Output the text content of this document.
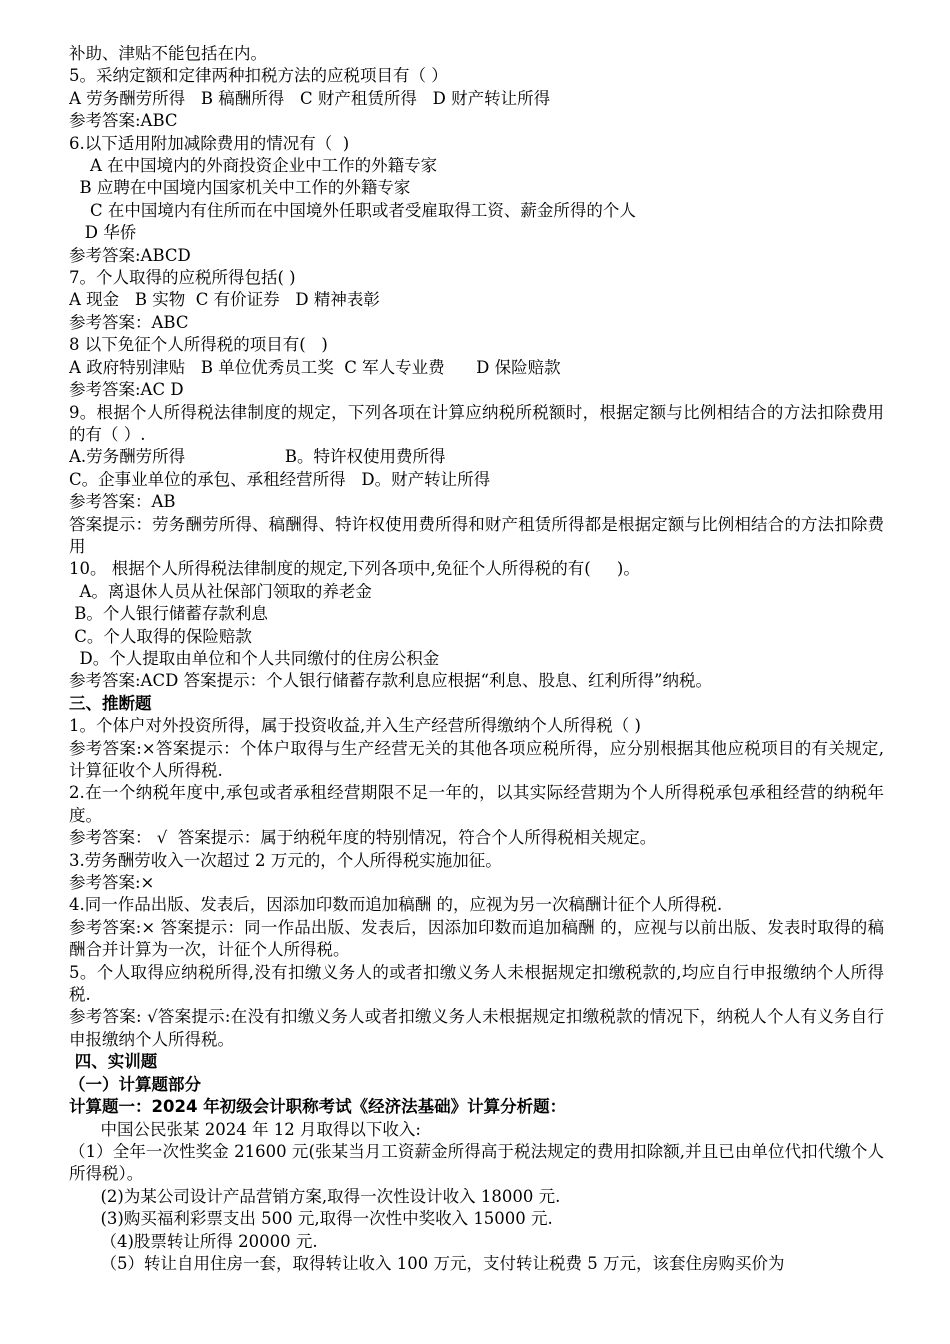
补助、津贴不能包括在内。
5。采纳定额和定律两种扣税方法的应税项目有（ ）
A 劳务酬劳所得   B 稿酬所得   C 财产租赁所得   D 财产转让所得
参考答案:ABC
6.以下适用附加减除费用的情况有（  )
A 在中国境内的外商投资企业中工作的外籍专家
B 应聘在中国境内国家机关中工作的外籍专家
C 在中国境内有住所而在中国境外任职或者受雇取得工资、薪金所得的个人
D 华侨
参考答案:ABCD
7。个人取得的应税所得包括( )
A 现金   B 实物  C 有价证券   D 精神表彰
参考答案：ABC
8 以下免征个人所得税的项目有(   )
A 政府特别津贴   B 单位优秀员工奖  C 军人专业费      D 保险赔款
参考答案:AC D
9。根据个人所得税法律制度的规定，下列各项在计算应纳税所税额时，根据定额与比例相结合的方法扣除费用的有（ ）.
A.劳务酬劳所得                   B。特许权使用费所得
C。企事业单位的承包、承租经营所得   D。财产转让所得
参考答案：AB
答案提示：劳务酬劳所得、稿酬得、特许权使用费所得和财产租赁所得都是根据定额与比例相结合的方法扣除费用
10。 根据个人所得税法律制度的规定,下列各项中,免征个人所得税的有(     )。
A。离退休人员从社保部门领取的养老金
B。个人银行储蓄存款利息
C。个人取得的保险赔款
D。个人提取由单位和个人共同缴付的住房公积金
参考答案:ACD 答案提示：个人银行储蓄存款利息应根据“利息、股息、红利所得”纳税。
三、推断题
1。个体户对外投资所得，属于投资收益,并入生产经营所得缴纳个人所得税（ )
参考答案:×答案提示：个体户取得与生产经营无关的其他各项应税所得，应分别根据其他应税项目的有关规定,计算征收个人所得税.
2.在一个纳税年度中,承包或者承租经营期限不足一年的，以其实际经营期为个人所得税承包承租经营的纳税年度。
参考答案： √  答案提示：属于纳税年度的特别情况，符合个人所得税相关规定。
3.劳务酬劳收入一次超过 2 万元的，个人所得税实施加征。
参考答案:×
4.同一作品出版、发表后，因添加印数而追加稿酬 的，应视为另一次稿酬计征个人所得税.
参考答案:× 答案提示：同一作品出版、发表后，因添加印数而追加稿酬 的，应视与以前出版、发表时取得的稿酬合并计算为一次，计征个人所得税。
5。个人取得应纳税所得,没有扣缴义务人的或者扣缴义务人未根据规定扣缴税款的,均应自行申报缴纳个人所得税.
参考答案: √答案提示:在没有扣缴义务人或者扣缴义务人未根据规定扣缴税款的情况下，纳税人个人有义务自行申报缴纳个人所得税。
四、实训题
（一）计算题部分
计算题一：2024 年初级会计职称考试《经济法基础》计算分析题：
中国公民张某 2024 年 12 月取得以下收入:
（1）全年一次性奖金 21600 元(张某当月工资薪金所得高于税法规定的费用扣除额,并且已由单位代扣代缴个人所得税）。
(2)为某公司设计产品营销方案,取得一次性设计收入 18000 元.
(3)购买福利彩票支出 500 元,取得一次性中奖收入 15000 元.
（4)股票转让所得 20000 元.
（5）转让自用住房一套，取得转让收入 100 万元，支付转让税费 5 万元，该套住房购买价为
